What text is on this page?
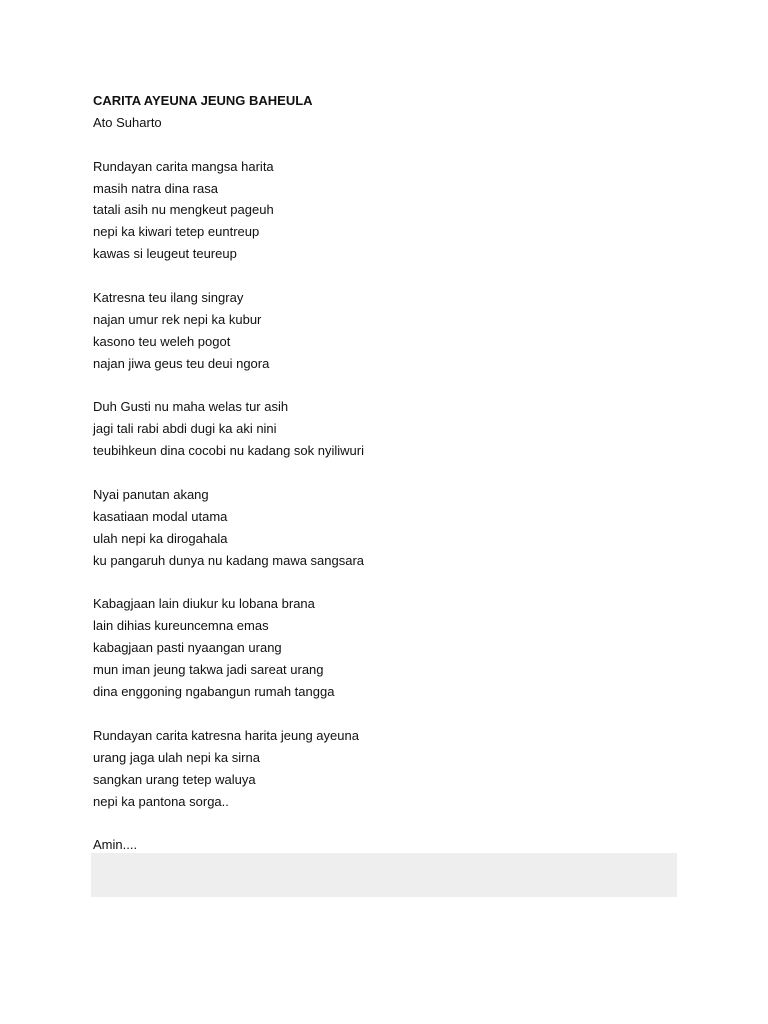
CARITA AYEUNA JEUNG BAHEULA
Ato Suharto
Rundayan carita mangsa harita
masih natra dina rasa
tatali asih nu mengkeut pageuh
nepi ka kiwari tetep euntreup
kawas si leugeut teureup
Katresna teu ilang singray
najan umur rek nepi ka kubur
kasono teu weleh pogot
najan jiwa geus teu deui ngora
Duh Gusti nu maha welas tur asih
jagi tali rabi abdi dugi ka aki nini
teubihkeun dina cocobi nu kadang sok nyiliwuri
Nyai panutan akang
kasatiaan modal utama
ulah nepi ka dirogahala
ku pangaruh dunya nu kadang mawa sangsara
Kabagjaan lain diukur ku lobana brana
lain dihias kureuncemna emas
kabagjaan pasti nyaangan urang
mun iman jeung takwa jadi sareat urang
dina enggoning ngabangun rumah tangga
Rundayan carita katresna harita jeung ayeuna
urang jaga ulah nepi ka sirna
sangkan urang tetep waluya
nepi ka pantona sorga..
Amin....
